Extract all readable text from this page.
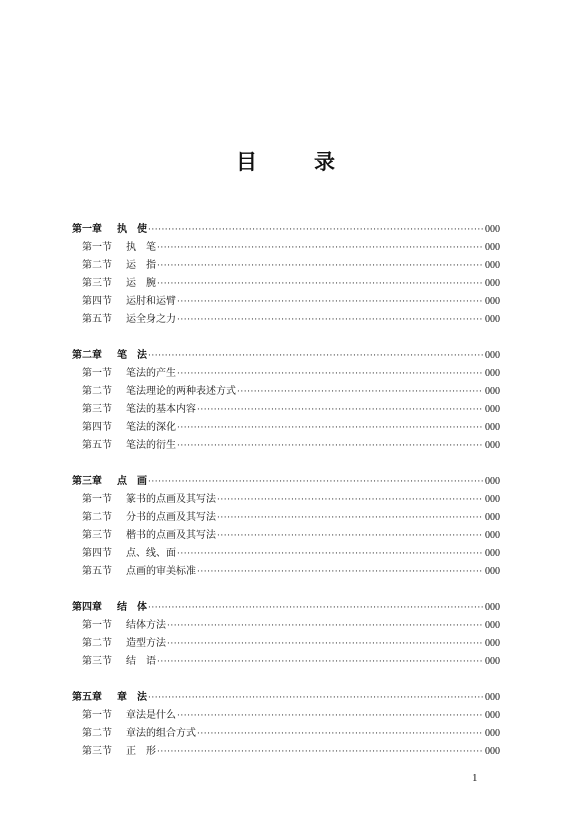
目　录
第一章	执　使 ·····	000
第一节	执　笔 ·····	000
第二节	运　指 ·····	000
第三节	运　腕 ·····	000
第四节	运肘和运臂 ·····	000
第五节	运全身之力 ·····	000
第二章	笔　法 ·····	000
第一节	笔法的产生 ·····	000
第二节	笔法理论的两种表述方式 ·····	000
第三节	笔法的基本内容 ·····	000
第四节	笔法的深化 ·····	000
第五节	笔法的衍生 ·····	000
第三章	点　画 ·····	000
第一节	篆书的点画及其写法 ·····	000
第二节	分书的点画及其写法 ·····	000
第三节	楷书的点画及其写法 ·····	000
第四节	点、线、面 ·····	000
第五节	点画的审美标准 ·····	000
第四章	结　体 ·····	000
第一节	结体方法 ·····	000
第二节	造型方法 ·····	000
第三节	结　语 ·····	000
第五章	章　法 ·····	000
第一节	章法是什么 ·····	000
第二节	章法的组合方式 ·····	000
第三节	正　形 ·····	000
1
